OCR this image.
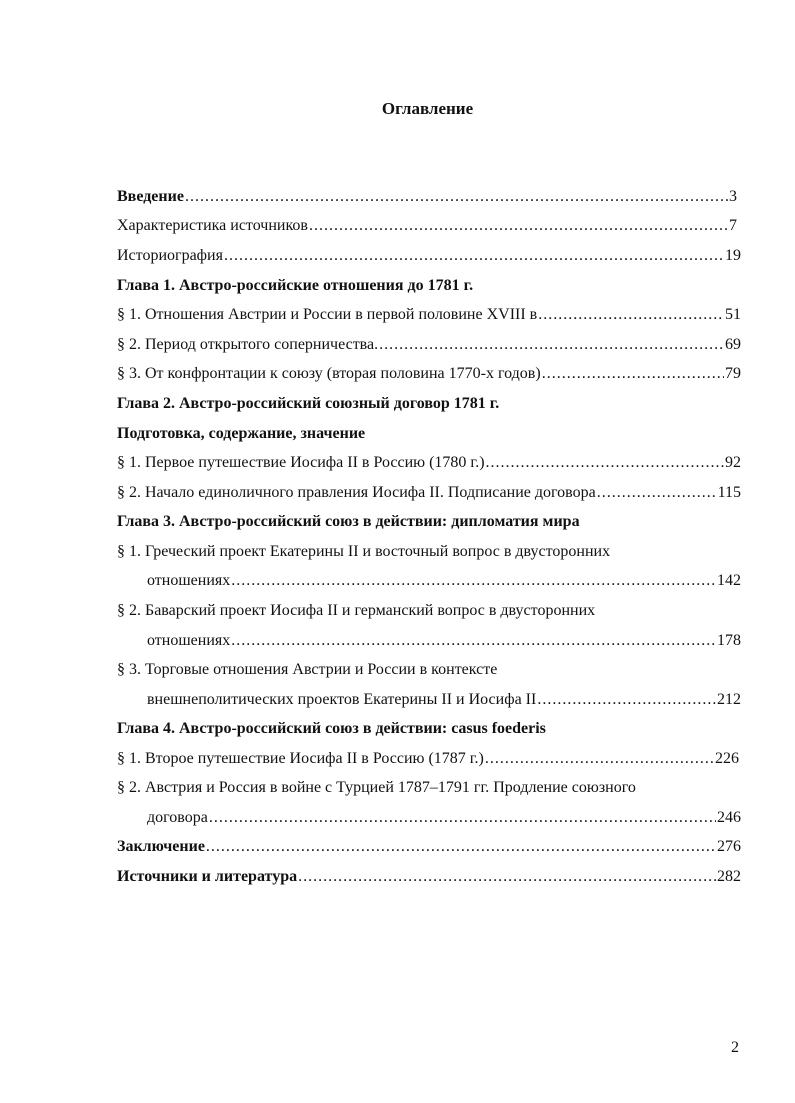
Оглавление
Введение .....	3
Характеристика источников .....	7
Историография .....	19
Глава 1. Австро-российские отношения до 1781 г.
§ 1. Отношения Австрии и России в первой половине XVIII в .....	51
§ 2. Период открытого соперничества. .....	69
§ 3. От конфронтации к союзу (вторая половина 1770-х годов) .....	79
Глава 2. Австро-российский союзный договор 1781 г.
Подготовка, содержание, значение
§ 1. Первое путешествие Иосифа II в Россию (1780 г.) .....	92
§ 2. Начало единоличного правления Иосифа II. Подписание договора .....	115
Глава 3. Австро-российский союз в действии: дипломатия мира
§ 1. Греческий проект Екатерины II и восточный вопрос в двусторонних
отношениях .....	142
§ 2. Баварский проект Иосифа II и германский вопрос в двусторонних
отношениях .....	178
§ 3. Торговые отношения Австрии и России в контексте
внешнеполитических проектов Екатерины II и Иосифа II .....	212
Глава 4. Австро-российский союз в действии: casus foederis
§ 1. Второе путешествие Иосифа II в Россию (1787 г.) .....	226
§ 2. Австрия и Россия в войне с Турцией 1787–1791 гг. Продление союзного
договора .....	246
Заключение .....	276
Источники и литература .....	282
2
